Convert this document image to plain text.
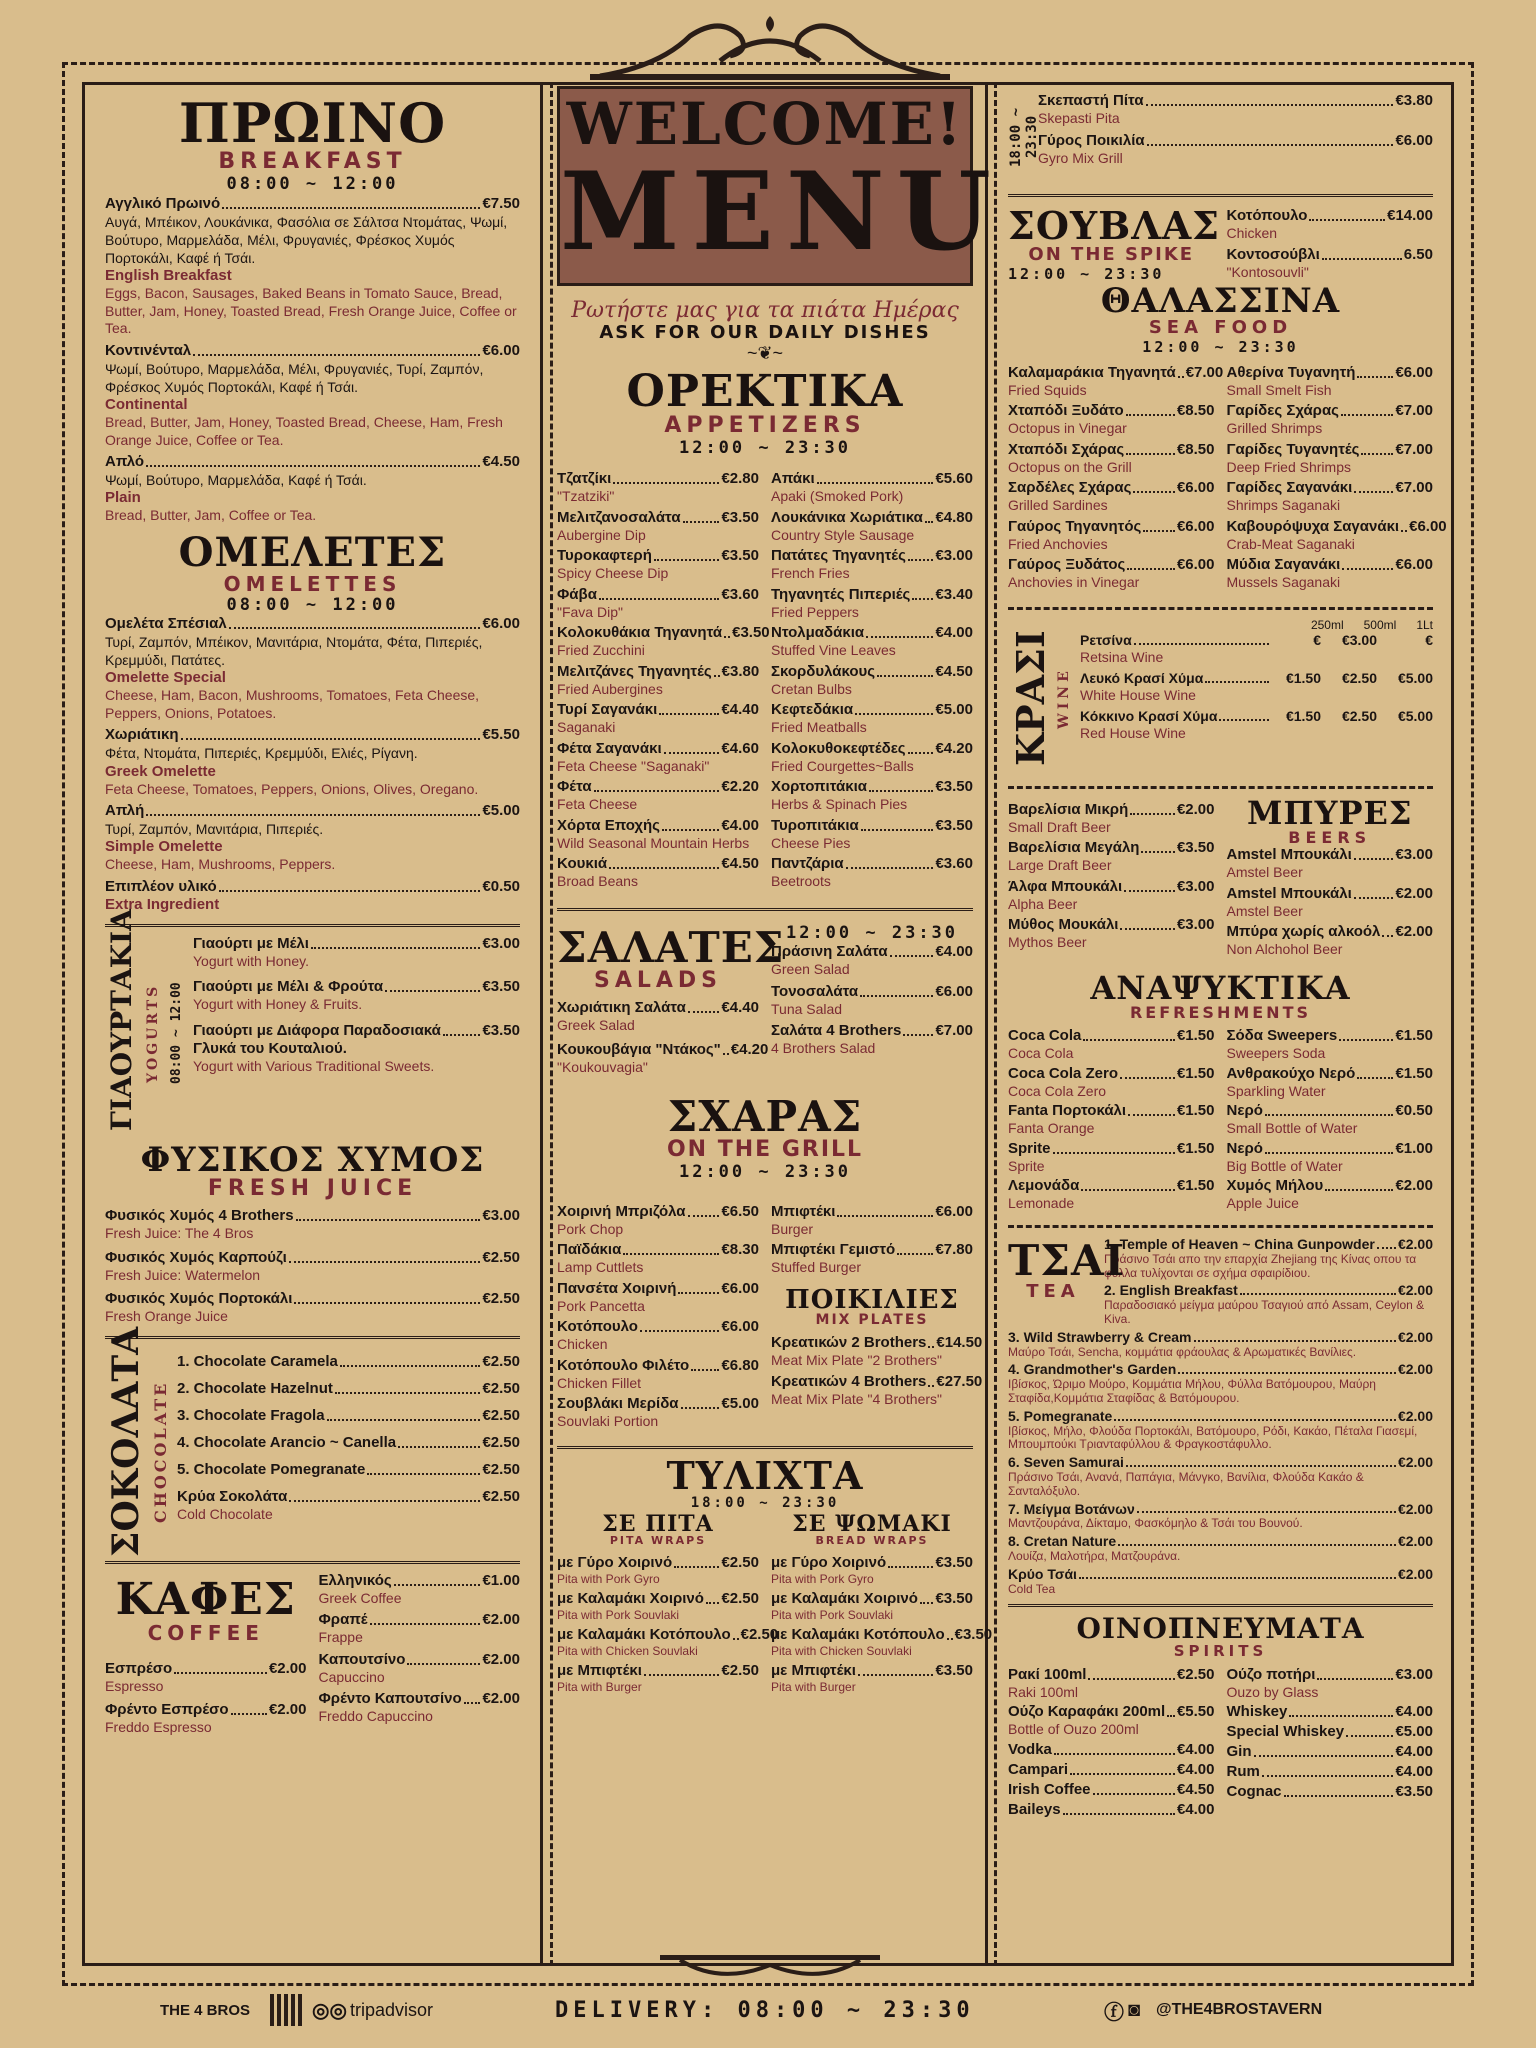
ΠΡΩΙΝΟ
BREAKFAST
08:00 ~ 12:00
Αγγλικό Πρωινό	€7.50
Αυγά, Μπέικον, Λουκάνικα, Φασόλια σε Σάλτσα Ντομάτας, Ψωμί, Βούτυρο, Μαρμελάδα, Μέλι, Φρυγανιές, Φρέσκος Χυμός Πορτοκάλι, Καφέ ή Τσάι.
English Breakfast
Eggs, Bacon, Sausages, Baked Beans in Tomato Sauce, Bread, Butter, Jam, Honey, Toasted Bread, Fresh Orange Juice, Coffee or Tea.
Κοντινένταλ	€6.00
Ψωμί, Βούτυρο, Μαρμελάδα, Μέλι, Φρυγανιές, Τυρί, Ζαμπόν, Φρέσκος Χυμός Πορτοκάλι, Καφέ ή Τσάι.
Continental
Bread, Butter, Jam, Honey, Toasted Bread, Cheese, Ham, Fresh Orange Juice, Coffee or Tea.
Απλό	€4.50
Ψωμί, Βούτυρο, Μαρμελάδα, Καφέ ή Τσάι.
Plain
Bread, Butter, Jam, Coffee or Tea.
ΟΜΕΛΕΤΕΣ
OMELETTES
08:00 ~ 12:00
Ομελέτα Σπέσιαλ	€6.00
Τυρί, Ζαμπόν, Μπέικον, Μανιτάρια, Ντομάτα, Φέτα, Πιπεριές, Κρεμμύδι, Πατάτες.
Omelette Special
Cheese, Ham, Bacon, Mushrooms, Tomatoes, Feta Cheese, Peppers, Onions, Potatoes.
Χωριάτικη	€5.50
Φέτα, Ντομάτα, Πιπεριές, Κρεμμύδι, Ελιές, Ρίγανη.
Greek Omelette
Feta Cheese, Tomatoes, Peppers, Onions, Olives, Oregano.
Απλή	€5.00
Τυρί, Ζαμπόν, Μανιτάρια, Πιπεριές.
Simple Omelette
Cheese, Ham, Mushrooms, Peppers.
Επιπλέον υλικό	€0.50
Extra Ingredient
ΓΙΑΟΥΡΤΑΚΙΑ YOGURTS 08:00 ~ 12:00
Γιαούρτι με Μέλι	€3.00
Yogurt with Honey.
Γιαούρτι με Μέλι & Φρούτα	€3.50
Yogurt with Honey & Fruits.
Γιαούρτι με Διάφορα Παραδοσιακά	€3.50
Γλυκά του Κουταλιού.
Yogurt with Various Traditional Sweets.
ΦΥΣΙΚΟΣ ΧΥΜΟΣ
FRESH JUICE
Φυσικός Χυμός 4 Brothers	€3.00
Fresh Juice: The 4 Bros
Φυσικός Χυμός Καρπούζι	€2.50
Fresh Juice: Watermelon
Φυσικός Χυμός Πορτοκάλι	€2.50
Fresh Orange Juice
ΣΟΚΟΛΑΤΑ CHOCOLATE
1. Chocolate Caramela	€2.50
2. Chocolate Hazelnut	€2.50
3. Chocolate Fragola	€2.50
4. Chocolate Arancio ~ Canella	€2.50
5. Chocolate Pomegranate	€2.50
Κρύα Σοκολάτα	€2.50
Cold Chocolate
ΚΑΦΕΣ
COFFEE
Εσπρέσο	€2.00
Espresso
Φρέντο Εσπρέσο	€2.00
Freddo Espresso
Ελληνικός	€1.00
Greek Coffee
Φραπέ	€2.00
Frappe
Καπουτσίνο	€2.00
Capuccino
Φρέντο Καπουτσίνο €2.00
Freddo Capuccino
WELCOME!
MENU
Ρωτήστε μας για τα πιάτα Ημέρας
ASK FOR OUR DAILY DISHES
~❦~
ΟΡΕΚΤΙΚΑ
APPETIZERS
12:00 ~ 23:30
Τζατζίκι	€2.80
"Tzatziki"
Μελιτζανοσαλάτα	€3.50
Aubergine Dip
Τυροκαφτερή	€3.50
Spicy Cheese Dip
Φάβα	€3.60
"Fava Dip"
Κολοκυθάκια Τηγανητά €3.50
Fried Zucchini
Μελιτζάνες Τηγανητές €3.80
Fried Aubergines
Τυρί Σαγανάκι	€4.40
Saganaki
Φέτα Σαγανάκι	€4.60
Feta Cheese "Saganaki"
Φέτα	€2.20
Feta Cheese
Χόρτα Εποχής	€4.00
Wild Seasonal Mountain Herbs
Κουκιά	€4.50
Broad Beans
Απάκι	€5.60
Apaki (Smoked Pork)
Λουκάνικα Χωριάτικα €4.80
Country Style Sausage
Πατάτες Τηγανητές €3.00
French Fries
Τηγανητές Πιπεριές €3.40
Fried Peppers
Ντολμαδάκια	€4.00
Stuffed Vine Leaves
Σκορδυλάκους	€4.50
Cretan Bulbs
Κεφτεδάκια	€5.00
Fried Meatballs
Κολοκυθοκεφτέδες €4.20
Fried Courgettes~Balls
Χορτοπιτάκια	€3.50
Herbs & Spinach Pies
Τυροπιτάκια	€3.50
Cheese Pies
Παντζάρια	€3.60
Beetroots
ΣΑΛΑΤΕΣ
SALADS
Χωριάτικη Σαλάτα €4.40
Greek Salad
Κουκουβάγια "Ντάκος" €4.20
"Koukouvagia"
12:00 ~ 23:30
Πράσινη Σαλάτα	€4.00
Green Salad
Τονοσαλάτα	€6.00
Tuna Salad
Σαλάτα 4 Brothers €7.00
4 Brothers Salad
ΣΧΑΡΑΣ
ON THE GRILL
12:00 ~ 23:30
Χοιρινή Μπριζόλα €6.50
Pork Chop
Παϊδάκια	€8.30
Lamp Cuttlets
Πανσέτα Χοιρινή	€6.00
Pork Pancetta
Κοτόπουλο	€6.00
Chicken
Κοτόπουλο Φιλέτο €6.80
Chicken Fillet
Σουβλάκι Μερίδα	€5.00
Souvlaki Portion
Μπιφτέκι	€6.00
Burger
Μπιφτέκι Γεμιστό	€7.80
Stuffed Burger
ΠΟΙΚΙΛΙΕΣ
MIX PLATES
Κρεατικών 2 Brothers €14.50
Meat Mix Plate "2 Brothers"
Κρεατικών 4 Brothers €27.50
Meat Mix Plate "4 Brothers"
ΤΥΛΙΧΤΑ
18:00 ~ 23:30
ΣΕ ΠΙΤΑ
PITA WRAPS
με Γύρο Χοιρινό	€2.50
Pita with Pork Gyro
με Καλαμάκι Χοιρινό €2.50
Pita with Pork Souvlaki
με Καλαμάκι Κοτόπουλο €2.50
Pita with Chicken Souvlaki
με Μπιφτέκι	€2.50
Pita with Burger
ΣΕ ΨΩΜΑΚΙ
BREAD WRAPS
με Γύρο Χοιρινό	€3.50
Pita with Pork Gyro
με Καλαμάκι Χοιρινό €3.50
Pita with Pork Souvlaki
με Καλαμάκι Κοτόπουλο €3.50
Pita with Chicken Souvlaki
με Μπιφτέκι	€3.50
Pita with Burger
18:00 ~ 23:30
Σκεπαστή Πίτα	€3.80
Skepasti Pita
Γύρος Ποικιλία	€6.00
Gyro Mix Grill
ΣΟΥΒΛΑΣ
ON THE SPIKE
12:00 ~ 23:30
Κοτόπουλο	€14.00
Chicken
Κοντοσούβλι	6.50
"Kontosouvli"
ΘΑΛΑΣΣΙΝΑ
SEA FOOD
12:00 ~ 23:30
Καλαμαράκια Τηγανητά €7.00
Fried Squids
Χταπόδι Ξυδάτο	€8.50
Octopus in Vinegar
Χταπόδι Σχάρας	€8.50
Octopus on the Grill
Σαρδέλες Σχάρας	€6.00
Grilled Sardines
Γαύρος Τηγανητός €6.00
Fried Anchovies
Γαύρος Ξυδάτος	€6.00
Anchovies in Vinegar
Αθερίνα Τυγανητή	€6.00
Small Smelt Fish
Γαρίδες Σχάρας	€7.00
Grilled Shrimps
Γαρίδες Τυγανητές €7.00
Deep Fried Shrimps
Γαρίδες Σαγανάκι	€7.00
Shrimps Saganaki
Καβουρόψυχα Σαγανάκι €6.00
Crab-Meat Saganaki
Μύδια Σαγανάκι	€6.00
Mussels Saganaki
ΚΡΑΣΙ WINE
250ml 500ml 1Lt
Ρετσίνα	€	€3.00	€
Retsina Wine
Λευκό Κρασί Χύμα	€1.50	€2.50	€5.00
White House Wine
Κόκκινο Κρασί Χύμα	€1.50	€2.50	€5.00
Red House Wine
Βαρελίσια Μικρή	€2.00
Small Draft Beer
Βαρελίσια Μεγάλη €3.50
Large Draft Beer
Άλφα Μπουκάλι	€3.00
Alpha Beer
Μύθος Μουκάλι	€3.00
Mythos Beer
ΜΠΥΡΕΣ
BEERS
Amstel Μπουκάλι	€3.00
Amstel Beer
Amstel Μπουκάλι	€2.00
Amstel Beer
Μπύρα χωρίς αλκοόλ €2.00
Non Alchohol Beer
ΑΝΑΨΥΚΤΙΚΑ
REFRESHMENTS
Coca Cola	€1.50
Coca Cola
Coca Cola Zero	€1.50
Coca Cola Zero
Fanta Πορτοκάλι	€1.50
Fanta Orange
Sprite	€1.50
Sprite
Λεμονάδα	€1.50
Lemonade
Σόδα Sweepers	€1.50
Sweepers Soda
Ανθρακούχο Νερό	€1.50
Sparkling Water
Νερό	€0.50
Small Bottle of Water
Νερό	€1.00
Big Bottle of Water
Χυμός Μήλου	€2.00
Apple Juice
ΤΣΑΙ
TEA
1. Temple of Heaven ~ China Gunpowder €2.00
Πράσινο Τσάι απο την επαρχία Zhejiang της Κίνας οπου τα φύλλα τυλίχονται σε σχήμα σφαιρίδιου.
2. English Breakfast	€2.00
Παραδοσιακό μείγμα μαύρου Τσαγιού από Assam, Ceylon & Kiva.
3. Wild Strawberry & Cream	€2.00
Μαύρο Τσάι, Sencha, κομμάτια φράουλας & Αρωματικές Βανίλιες.
4. Grandmother's Garden	€2.00
Ιβίσκος, Ώριμο Μούρο, Κομμάτια Μήλου, Φύλλα Βατόμουρου, Μαύρη Σταφίδα,Κομμάτια Σταφίδας & Βατόμουρου.
5. Pomegranate	€2.00
Ιβίσκος, Μήλο, Φλούδα Πορτοκάλι, Βατόμουρο, Ρόδι, Κακάο, Πέταλα Γιασεμί, Μπουμπούκι Τριανταφύλλου & Φραγκοστάφυλλο.
6. Seven Samurai	€2.00
Πράσινο Τσάι, Ανανά, Παπάγια, Μάνγκο, Βανίλια, Φλούδα Κακάο & Σανταλόξυλο.
7. Μείγμα Βοτάνων	€2.00
Μαντζουράνα, Δίκταμο, Φασκόμηλο & Τσάι του Βουνού.
8. Cretan Nature	€2.00
Λουίζα, Μαλοτήρα, Ματζουράνα.
Κρύο Τσάι	€2.00
Cold Tea
ΟΙΝΟΠΝΕΥΜΑΤΑ
SPIRITS
Ρακί 100ml	€2.50
Raki 100ml
Ούζο Καραφάκι 200ml €5.50
Bottle of Ouzo 200ml
Vodka	€4.00
Campari	€4.00
Irish Coffee	€4.50
Baileys	€4.00
Ούζο ποτήρι	€3.00
Ouzo by Glass
Whiskey	€4.00
Special Whiskey	€5.00
Gin	€4.00
Rum	€4.00
Cognac	€3.50
THE 4 BROS	◎◎ tripadvisor	DELIVERY: 08:00 ~ 23:30	ⓕ ◙ @THE4BROSTAVERN
